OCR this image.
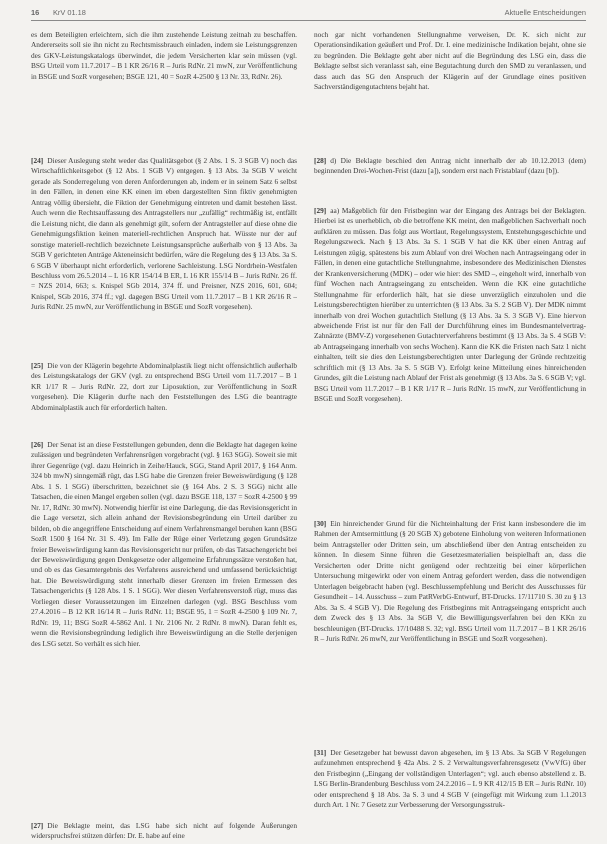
16 KrV 01.18	Aktuelle Entscheidungen
es dem Beteiligten erleichtern, sich die ihm zustehende Leistung zeitnah zu beschaffen. Andererseits soll sie ihn nicht zu Rechtsmissbrauch einladen, indem sie Leistungsgrenzen des GKV-Leistungskatalogs überwindet, die jedem Versicherten klar sein müssen (vgl. BSG Urteil vom 11.7.2017 – B 1 KR 26/16 R – Juris RdNr. 21 mwN, zur Veröffentlichung in BSGE und SozR vorgesehen; BSGE 121, 40 = SozR 4-2500 § 13 Nr. 33, RdNr. 26).
[24] Dieser Auslegung steht weder das Qualitätsgebot (§ 2 Abs. 1 S. 3 SGB V) noch das Wirtschaftlichkeitsgebot (§ 12 Abs. 1 SGB V) entgegen. § 13 Abs. 3a SGB V weicht gerade als Sonderregelung von deren Anforderungen ab, indem er in seinem Satz 6 selbst in den Fällen, in denen eine KK einen im eben dargestellten Sinn fiktiv genehmigten Antrag völlig übersieht, die Fiktion der Genehmigung eintreten und damit bestehen lässt. Auch wenn die Rechtsauffassung des Antragstellers nur „zufällig“ rechtmäßig ist, entfällt die Leistung nicht, die dann als genehmigt gilt, sofern der Antragsteller auf diese ohne die Genehmigungsfiktion keinen materiell-rechtlichen Anspruch hat. Wüsste nur der auf sonstige materiell-rechtlich bezeichnete Leistungsansprüche außerhalb von § 13 Abs. 3a SGB V gerichteten Anträge Akteneinsicht bedürfen, wäre die Regelung des § 13 Abs. 3a S. 6 SGB V überhaupt nicht erforderlich, verlorene Sachleistung. LSG Nordrhein-Westfalen Beschluss vom 26.5.2014 – L 16 KR 154/14 B ER, L 16 KR 155/14 B – Juris RdNr. 26 ff. = NZS 2014, 663; s. Knispel SGb 2014, 374 ff. und Preisner, NZS 2016, 601, 604; Knispel, SGb 2016, 374 ff.; vgl. dagegen BSG Urteil vom 11.7.2017 – B 1 KR 26/16 R – Juris RdNr. 25 mwN, zur Veröffentlichung in BSGE und SozR vorgesehen).
[25] Die von der Klägerin begehrte Abdominalplastik liegt nicht offensichtlich außerhalb des Leistungskatalogs der GKV (vgl. zu entsprechend BSG Urteil vom 11.7.2017 – B 1 KR 1/17 R – Juris RdNr. 22, dort zur Liposuktion, zur Veröffentlichung in SozR vorgesehen). Die Klägerin durfte nach den Feststellungen des LSG die beantragte Abdominalplastik auch für erforderlich halten.
[26] Der Senat ist an diese Feststellungen gebunden, denn die Beklagte hat dagegen keine zulässigen und begründeten Verfahrensrügen vorgebracht (vgl. § 163 SGG). Soweit sie mit ihrer Gegenrüge (vgl. dazu Heinrich in Zeihe/Hauck, SGG, Stand April 2017, § 164 Anm. 324 bb mwN) sinngemäß rügt, das LSG habe die Grenzen freier Beweiswürdigung (§ 128 Abs. 1 S. 1 SGG) überschritten, bezeichnet sie (§ 164 Abs. 2 S. 3 SGG) nicht alle Tatsachen, die einen Mangel ergeben sollen (vgl. dazu BSGE 118, 137 = SozR 4-2500 § 99 Nr. 17, RdNr. 30 mwN). Notwendig hierfür ist eine Darlegung, die das Revisionsgericht in die Lage versetzt, sich allein anhand der Revisionsbegründung ein Urteil darüber zu bilden, ob die angegriffene Entscheidung auf einem Verfahrensmangel beruhen kann (BSG SozR 1500 § 164 Nr. 31 S. 49). Im Falle der Rüge einer Verletzung gegen Grundsätze freier Beweiswürdigung kann das Revisionsgericht nur prüfen, ob das Tatsachengericht bei der Beweiswürdigung gegen Denkgesetze oder allgemeine Erfahrungssätze verstoßen hat, und ob es das Gesamtergebnis des Verfahrens ausreichend und umfassend berücksichtigt hat. Die Beweiswürdigung steht innerhalb dieser Grenzen im freien Ermessen des Tatsachengerichts (§ 128 Abs. 1 S. 1 SGG). Wer diesen Verfahrensverstoß rügt, muss das Vorliegen dieser Voraussetzungen im Einzelnen darlegen (vgl. BSG Beschluss vom 27.4.2016 – B 12 KR 16/14 R – Juris RdNr. 11; BSGE 95, 1 = SozR 4-2500 § 109 Nr. 7, RdNr. 19, 11; BSG SozR 4-5862 Anl. 1 Nr. 2106 Nr. 2 RdNr. 8 mwN). Daran fehlt es, wenn die Revisionsbegründung lediglich ihre Beweiswürdigung an die Stelle derjenigen des LSG setzt. So verhält es sich hier.
[27] Die Beklagte meint, das LSG habe sich nicht auf folgende Äußerungen widerspruchsfrei stützen dürfen: Dr. E. habe auf eine
noch gar nicht vorhandenen Stellungnahme verweisen, Dr. K. sich nicht zur Operationsindikation geäußert und Prof. Dr. I. eine medizinische Indikation bejaht, ohne sie zu begründen. Die Beklagte geht aber nicht auf die Begründung des LSG ein, dass die Beklagte selbst sich veranlasst sah, eine Begutachtung durch den SMD zu veranlassen, und dass auch das SG den Anspruch der Klägerin auf der Grundlage eines positiven Sachverständigengutachtens bejaht hat.
[28] d) Die Beklagte beschied den Antrag nicht innerhalb der ab 10.12.2013 (dem) beginnenden Drei-Wochen-Frist (dazu [a]), sondern erst nach Fristablauf (dazu [b]).
[29] aa) Maßgeblich für den Fristbeginn war der Eingang des Antrags bei der Beklagten. Hierbei ist es unerheblich, ob die betroffene KK meint, den maßgeblichen Sachverhalt noch aufklären zu müssen. Das folgt aus Wortlaut, Regelungssystem, Entstehungsgeschichte und Regelungszweck. Nach § 13 Abs. 3a S. 1 SGB V hat die KK über einen Antrag auf Leistungen zügig, spätestens bis zum Ablauf von drei Wochen nach Antragseingang oder in Fällen, in denen eine gutachtliche Stellungnahme, insbesondere des Medizinischen Dienstes der Krankenversicherung (MDK) – oder wie hier: des SMD –, eingeholt wird, innerhalb von fünf Wochen nach Antragseingang zu entscheiden. Wenn die KK eine gutachtliche Stellungnahme für erforderlich hält, hat sie diese unverzüglich einzuholen und die Leistungsberechtigten hierüber zu unterrichten (§ 13 Abs. 3a S. 2 SGB V). Der MDK nimmt innerhalb von drei Wochen gutachtlich Stellung (§ 13 Abs. 3a S. 3 SGB V). Eine hiervon abweichende Frist ist nur für den Fall der Durchführung eines im Bundesmantelvertrag-Zahnärzte (BMV-Z) vorgesehenen Gutachterverfahrens bestimmt (§ 13 Abs. 3a S. 4 SGB V: ab Antragseingang innerhalb von sechs Wochen). Kann die KK die Fristen nach Satz 1 nicht einhalten, teilt sie dies den Leistungsberechtigten unter Darlegung der Gründe rechtzeitig schriftlich mit (§ 13 Abs. 3a S. 5 SGB V). Erfolgt keine Mitteilung eines hinreichenden Grundes, gilt die Leistung nach Ablauf der Frist als genehmigt (§ 13 Abs. 3a S. 6 SGB V; vgl. BSG Urteil vom 11.7.2017 – B 1 KR 1/17 R – Juris RdNr. 15 mwN, zur Veröffentlichung in BSGE und SozR vorgesehen).
[30] Ein hinreichender Grund für die Nichteinhaltung der Frist kann insbesondere die im Rahmen der Amtsermittlung (§ 20 SGB X) gebotene Einholung von weiteren Informationen beim Antragsteller oder Dritten sein, um abschließend über den Antrag entscheiden zu können. In diesem Sinne führen die Gesetzesmaterialien beispielhaft an, dass die Versicherten oder Dritte nicht genügend oder rechtzeitig bei einer körperlichen Untersuchung mitgewirkt oder von einem Antrag gefordert werden, dass die notwendigen Unterlagen beigebracht haben (vgl. Beschlussempfehlung und Bericht des Ausschusses für Gesundheit – 14. Ausschuss – zum PatRVerbG-Entwurf, BT-Drucks. 17/11710 S. 30 zu § 13 Abs. 3a S. 4 SGB V). Die Regelung des Fristbeginns mit Antragseingang entspricht auch dem Zweck des § 13 Abs. 3a SGB V, die Bewilligungsverfahren bei den KKn zu beschleunigen (BT-Drucks. 17/10488 S. 32; vgl. BSG Urteil vom 11.7.2017 – B 1 KR 26/16 R – Juris RdNr. 26 mwN, zur Veröffentlichung in BSGE und SozR vorgesehen).
[31] Der Gesetzgeber hat bewusst davon abgesehen, im § 13 Abs. 3a SGB V Regelungen aufzunehmen entsprechend § 42a Abs. 2 S. 2 Verwaltungsverfahrensgesetz (VwVfG) über den Fristbeginn („Eingang der vollständigen Unterlagen“; vgl. auch ebenso abstellend z. B. LSG Berlin-Brandenburg Beschluss vom 24.2.2016 – L 9 KR 412/15 B ER – Juris RdNr. 10) oder entsprechend § 18 Abs. 3a S. 3 und 4 SGB V (eingefügt mit Wirkung zum 1.1.2013 durch Art. 1 Nr. 7 Gesetz zur Verbesserung der Versorgungsstruk-
